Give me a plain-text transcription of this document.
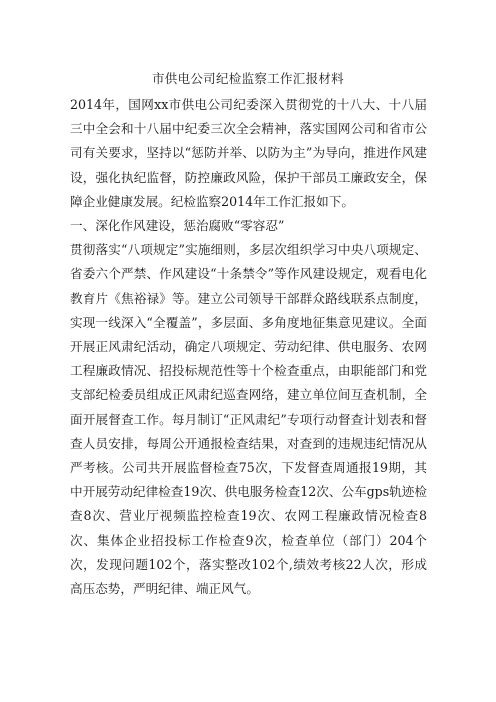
市供电公司纪检监察工作汇报材料

2014年，国网xx市供电公司纪委深入贯彻党的十八大、十八届三中全会和十八届中纪委三次全会精神，落实国网公司和省市公司有关要求，坚持以“惩防并举、以防为主”为导向，推进作风建设，强化执纪监督，防控廉政风险，保护干部员工廉政安全，保障企业健康发展。纪检监察2014年工作汇报如下。

一、深化作风建设，惩治腐败“零容忍”

贯彻落实“八项规定”实施细则，多层次组织学习中央八项规定、省委六个严禁、作风建设“十条禁令”等作风建设规定，观看电化教育片《焦裕禄》等。建立公司领导干部群众路线联系点制度，实现一线深入“全覆盖”，多层面、多角度地征集意见建议。全面开展正风肃纪活动，确定八项规定、劳动纪律、供电服务、农网工程廉政情况、招投标规范性等十个检查重点，由职能部门和党支部纪检委员组成正风肃纪巡查网络，建立单位间互查机制，全面开展督查工作。每月制订“正风肃纪”专项行动督查计划表和督查人员安排，每周公开通报检查结果，对查到的违规违纪情况从严考核。公司共开展监督检查75次，下发督查周通报19期，其中开展劳动纪律检查19次、供电服务检查12次、公车gps轨迹检查8次、营业厅视频监控检查19次、农网工程廉政情况检查8次、集体企业招投标工作检查9次，检查单位（部门）204个次，发现问题102个，落实整改102个,绩效考核22人次，形成高压态势，严明纪律、端正风气。
